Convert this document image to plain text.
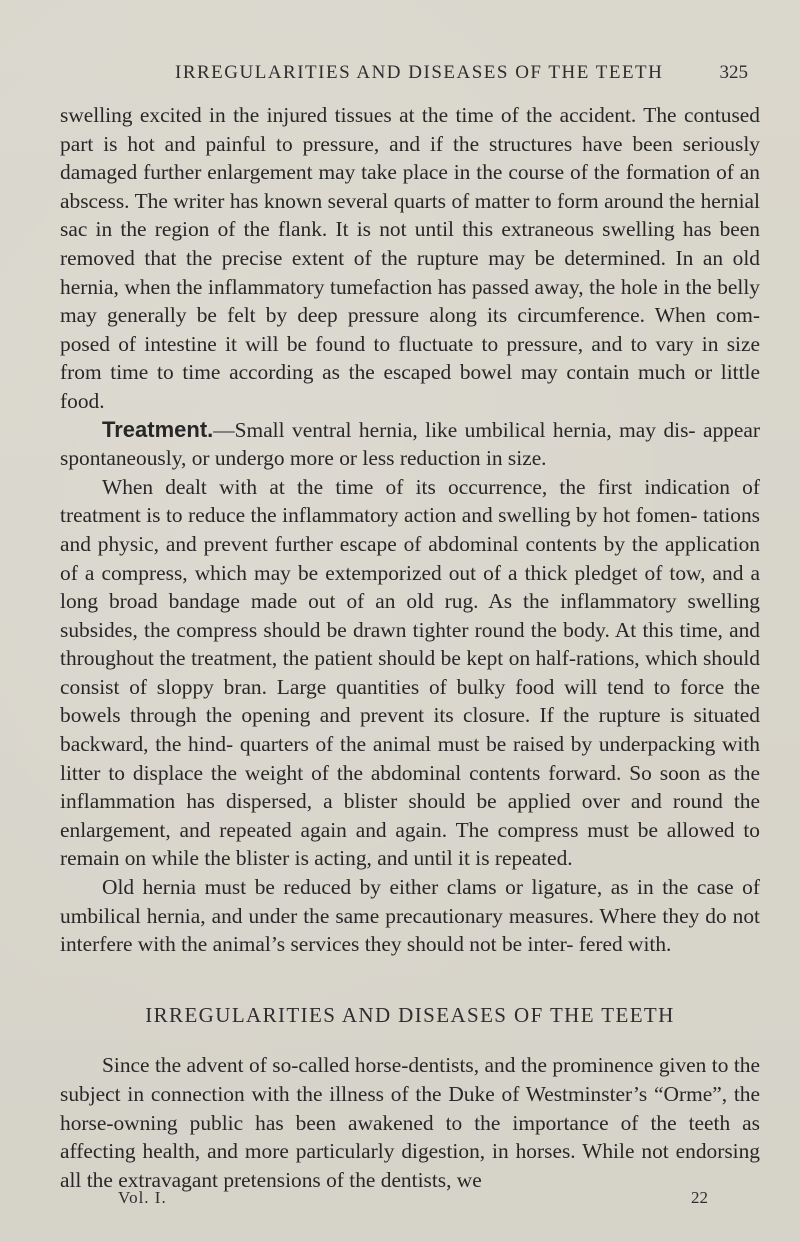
IRREGULARITIES AND DISEASES OF THE TEETH	325

swelling excited in the injured tissues at the time of the accident. The contused part is hot and painful to pressure, and if the structures have been seriously damaged further enlargement may take place in the course of the formation of an abscess. The writer has known several quarts of matter to form around the hernial sac in the region of the flank. It is not until this extraneous swelling has been removed that the precise extent of the rupture may be determined. In an old hernia, when the inflammatory tumefaction has passed away, the hole in the belly may generally be felt by deep pressure along its circumference. When com- posed of intestine it will be found to fluctuate to pressure, and to vary in size from time to time according as the escaped bowel may contain much or little food.

Treatment.—Small ventral hernia, like umbilical hernia, may dis- appear spontaneously, or undergo more or less reduction in size.

When dealt with at the time of its occurrence, the first indication of treatment is to reduce the inflammatory action and swelling by hot fomen- tations and physic, and prevent further escape of abdominal contents by the application of a compress, which may be extemporized out of a thick pledget of tow, and a long broad bandage made out of an old rug. As the inflammatory swelling subsides, the compress should be drawn tighter round the body. At this time, and throughout the treatment, the patient should be kept on half-rations, which should consist of sloppy bran. Large quantities of bulky food will tend to force the bowels through the opening and prevent its closure. If the rupture is situated backward, the hind- quarters of the animal must be raised by underpacking with litter to displace the weight of the abdominal contents forward. So soon as the inflammation has dispersed, a blister should be applied over and round the enlargement, and repeated again and again. The compress must be allowed to remain on while the blister is acting, and until it is repeated.

Old hernia must be reduced by either clams or ligature, as in the case of umbilical hernia, and under the same precautionary measures. Where they do not interfere with the animal’s services they should not be inter- fered with.

IRREGULARITIES AND DISEASES OF THE TEETH

Since the advent of so-called horse-dentists, and the prominence given to the subject in connection with the illness of the Duke of Westminster’s “Orme”, the horse-owning public has been awakened to the importance of the teeth as affecting health, and more particularly digestion, in horses. While not endorsing all the extravagant pretensions of the dentists, we

Vol. I.	22
